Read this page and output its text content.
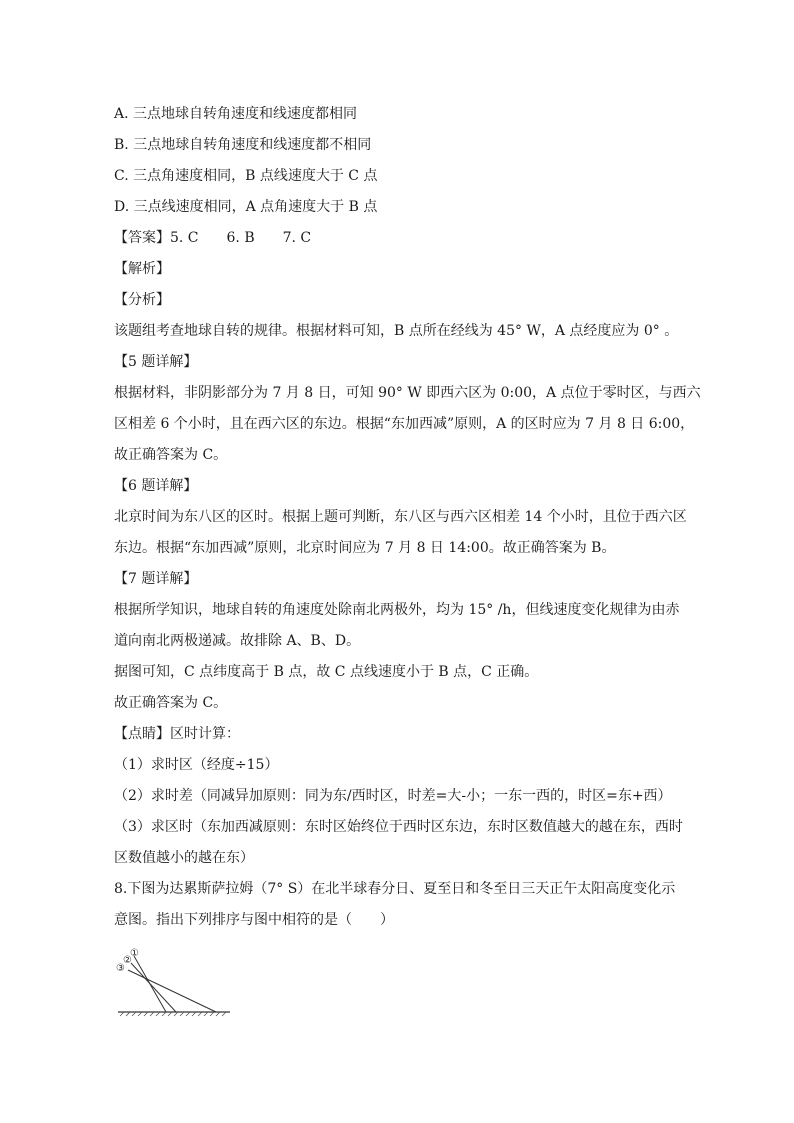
A. 三点地球自转角速度和线速度都相同
B. 三点地球自转角速度和线速度都不相同
C. 三点角速度相同，B 点线速度大于 C 点
D. 三点线速度相同，A 点角速度大于 B 点
【答案】5. C　　6. B　　7. C
【解析】
【分析】
该题组考查地球自转的规律。根据材料可知，B 点所在经线为 45° W，A 点经度应为 0° 。
【5 题详解】
根据材料，非阴影部分为 7 月 8 日，可知 90° W 即西六区为 0:00，A 点位于零时区，与西六
区相差 6 个小时，且在西六区的东边。根据“东加西减”原则，A 的区时应为 7 月 8 日 6:00，
故正确答案为 C。
【6 题详解】
北京时间为东八区的区时。根据上题可判断，东八区与西六区相差 14 个小时，且位于西六区
东边。根据“东加西减”原则，北京时间应为 7 月 8 日 14:00。故正确答案为 B。
【7 题详解】
根据所学知识，地球自转的角速度处除南北两极外，均为 15° /h，但线速度变化规律为由赤
道向南北两极递减。故排除 A、B、D。
据图可知，C 点纬度高于 B 点，故 C 点线速度小于 B 点，C 正确。
故正确答案为 C。
【点睛】区时计算：
（1）求时区（经度÷15）
（2）求时差（同减异加原则：同为东/西时区，时差=大-小；一东一西的，时区=东+西）
（3）求区时（东加西减原则：东时区始终位于西时区东边，东时区数值越大的越在东，西时
区数值越小的越在东）
8.下图为达累斯萨拉姆（7° S）在北半球春分日、夏至日和冬至日三天正午太阳高度变化示
意图。指出下列排序与图中相符的是（　　）
①
②
③
